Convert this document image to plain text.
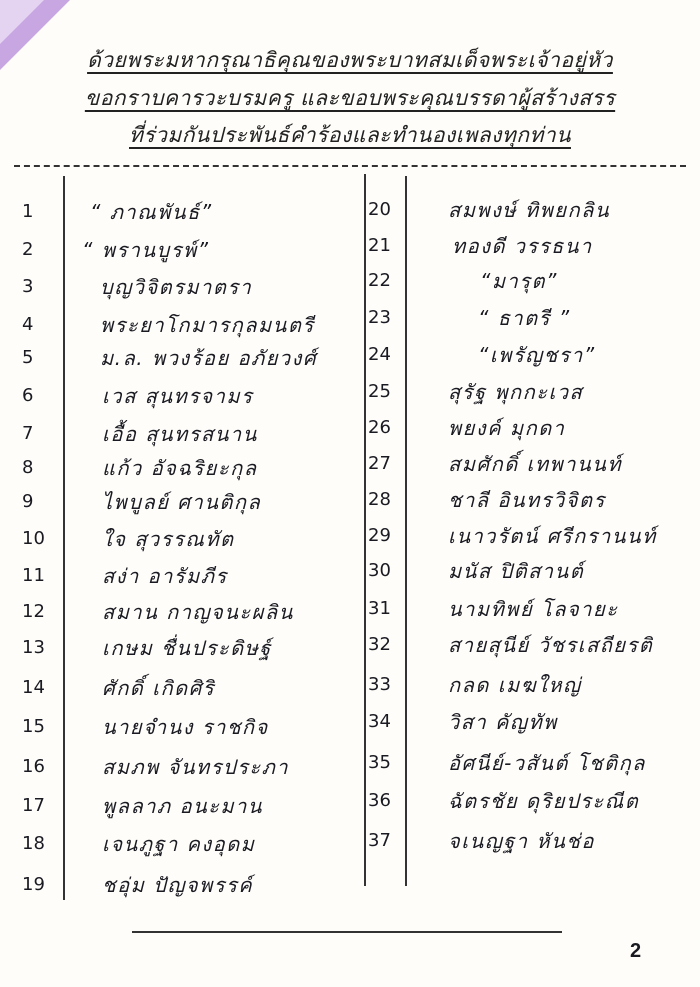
ด้วยพระมหากรุณาธิคุณของพระบาทสมเด็จพระเจ้าอยู่หัว
ขอกราบคารวะบรมครู และขอบพระคุณบรรดาผู้สร้างสรร
ที่ร่วมกันประพันธ์คำร้องและทำนองเพลงทุกท่าน
1	“ ภาณพันธ์”
2 “ พรานบูรพ์”
3	บุญวิจิตรมาตรา
4	พระยาโกมารกุลมนตรี
5	ม.ล. พวงร้อย อภัยวงศ์
6	เวส สุนทรจามร
7	เอื้อ สุนทรสนาน
8	แก้ว อัจฉริยะกุล
9	ไพบูลย์ ศานติกุล
10	ใจ สุวรรณทัต
11	สง่า อารัมภีร
12	สมาน กาญจนะผลิน
13	เกษม ชื่นประดิษฐ์
14	ศักดิ์ เกิดศิริ
15	นายจำนง ราชกิจ
16	สมภพ จันทรประภา
17	พูลลาภ อนะมาน
18	เจนภูฐา คงอุดม
19	ชอุ่ม ปัญจพรรค์
20	สมพงษ์ ทิพยกลิน
21	ทองดี วรรธนา
22	“มารุต”
23	“ ธาตรี ”
24	“เพรัญชรา”
25	สุรัฐ พุกกะเวส
26	พยงค์ มุกดา
27	สมศักดิ์ เทพานนท์
28	ชาลี อินทรวิจิตร
29	เนาวรัตน์ ศรีกรานนท์
30	มนัส ปิติสานต์
31	นามทิพย์ โลจายะ
32	สายสุนีย์ วัชรเสถียรติ
33	กลด เมฆใหญ่
34	วิสา คัญทัพ
35	อัศนีย์-วสันต์ โชติกุล
36	ฉัตรชัย ดุริยประณีต
37	จเนญฐา หันช่อ
2
